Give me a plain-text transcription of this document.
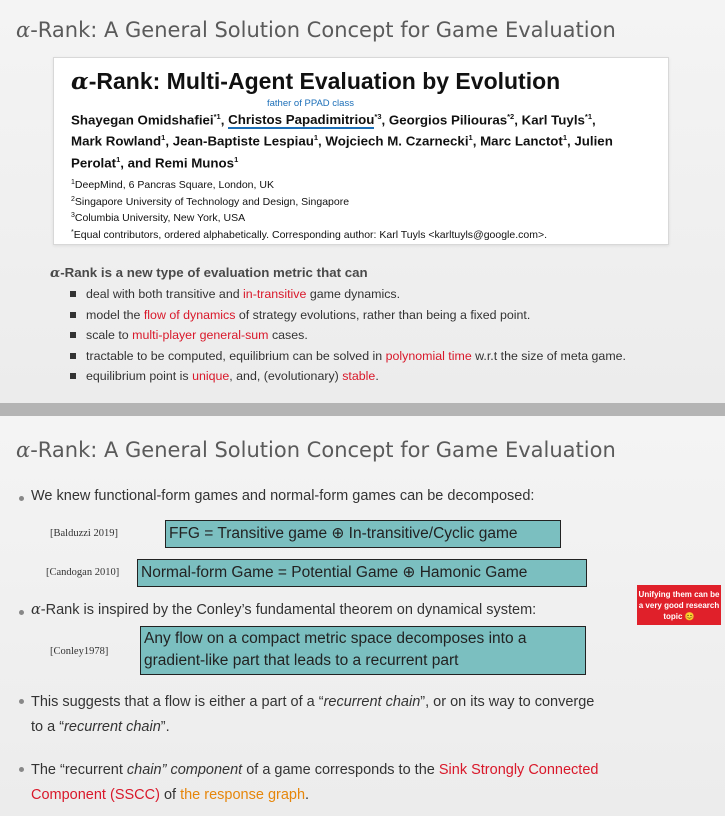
α-Rank: A General Solution Concept for Game Evaluation
α-Rank: Multi-Agent Evaluation by Evolution
father of PPAD class
Shayegan Omidshafiei$^{*1}$, Christos Papadimitriou$^{*3}$, Georgios Piliouras$^{*2}$, Karl Tuyls$^{*1}$,
Mark Rowland$^1$, Jean-Baptiste Lespiau$^1$, Wojciech M. Czarnecki$^1$, Marc Lanctot$^1$, Julien Perolat$^1$, and Remi Munos$^1$
$^1$DeepMind, 6 Pancras Square, London, UK
$^2$Singapore University of Technology and Design, Singapore
$^3$Columbia University, New York, USA
*Equal contributors, ordered alphabetically. Corresponding author: Karl Tuyls <karltuyls@google.com>.
α-Rank is a new type of evaluation metric that can
deal with both transitive and in-transitive game dynamics.
model the flow of dynamics of strategy evolutions, rather than being a fixed point.
scale to multi-player general-sum cases.
tractable to be computed, equilibrium can be solved in polynomial time w.r.t the size of meta game.
equilibrium point is unique, and, (evolutionary) stable.
α-Rank: A General Solution Concept for Game Evaluation
We knew functional-form games and normal-form games can be decomposed:
[Balduzzi 2019]	FFG = Transitive game ⊕ In-transitive/Cyclic game
[Candogan 2010] Normal-form Game = Potential Game ⊕ Hamonic Game
α-Rank is inspired by the Conley’s fundamental theorem on dynamical system:
Unifying them can be a very good research topic 😊
[Conley1978]
Any flow on a compact metric space decomposes into a
gradient-like part that leads to a recurrent part
This suggests that a flow is either a part of a “recurrent chain”, or on its way to converge
to a “recurrent chain”.
The “recurrent chain” component of a game corresponds to the Sink Strongly Connected
Component (SSCC) of the response graph.
